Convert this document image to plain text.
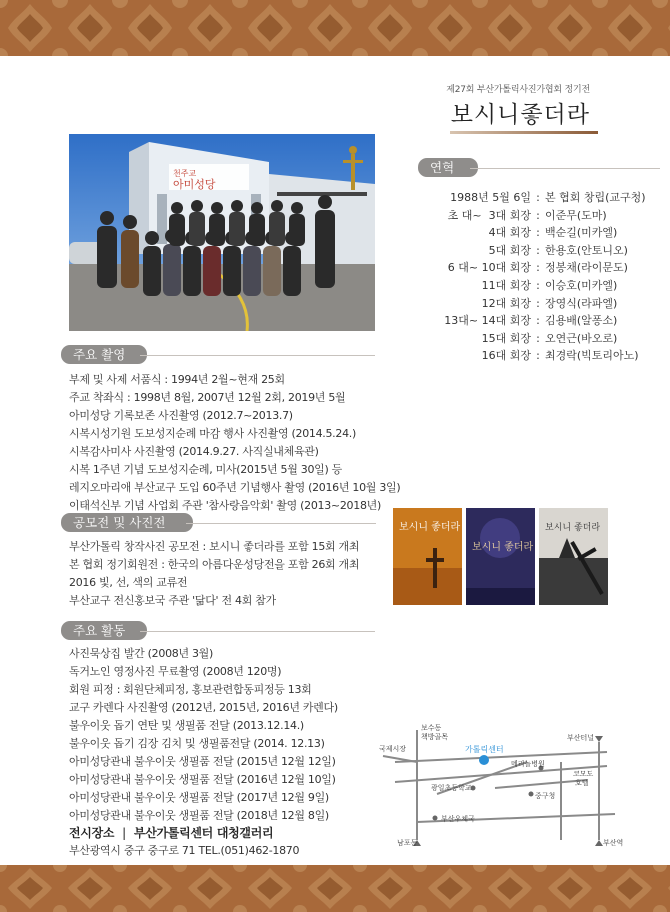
제27회 부산가톨릭사진가협회 정기전
보시니좋더라
천주교
아미성당
연혁
1988년 5월 6일 : 본 협회 창립(교구청)
초 대~  3대 회장 : 이준무(도마)
4대 회장 : 백순길(미카엘)
5대 회장 : 한용호(안토니오)
6 대~ 10대 회장 : 정봉채(라이문도)
11대 회장 : 이승호(미카엘)
12대 회장 : 장영식(라파엘)
13대~ 14대 회장 : 김용배(알퐁소)
15대 회장 : 오연근(바오로)
16대 회장 : 최경락(빅토리아노)
주요 촬영
부제 및 사제 서품식 : 1994년 2월~현재 25회
주교 착좌식 : 1998년 8월, 2007년 12월 2회, 2019년 5월
아미성당 기록보존 사진촬영 (2012.7~2013.7)
시복시성기원 도보성지순례 마감 행사 사진촬영 (2014.5.24.)
시복감사미사 사진촬영 (2014.9.27. 사직실내체육관)
시복 1주년 기념 도보성지순례, 미사(2015년 5월 30일) 등
레지오마리애 부산교구 도입 60주년 기념행사 촬영 (2016년 10월 3일)
이태석신부 기념 사업회 주관 '참사랑음악회' 촬영 (2013~2018년)
공모전 및 사진전
부산가톨릭 창작사진 공모전 : 보시니 좋더라를 포함 15회 개최
본 협회 정기회원전 : 한국의 아름다운성당전을 포함 26회 개최
2016 빛, 선, 색의 교류전
부산교구 전신홍보국 주관 '닮다' 전 4회 참가
보시니 좋더라
보시니 좋더라
보시니 좋더라
주요 활동
사진묵상집 발간 (2008년 3월)
독거노인 영정사진 무료촬영 (2008년 120명)
회원 피정 : 회원단체피정, 홍보관련합동피정등 13회
교구 카렌다 사진촬영 (2012년, 2015년, 2016년 카렌다)
불우이웃 돕기 연탄 및 생필품 전달 (2013.12.14.)
불우이웃 돕기 김장 김치 및 생필품전달 (2014. 12.13)
아미성당관내 불우이웃 생필품 전달 (2015년 12월 12일)
아미성당관내 불우이웃 생필품 전달 (2016년 12월 10일)
아미성당관내 불우이웃 생필품 전달 (2017년 12월 9일)
아미성당관내 불우이웃 생필품 전달 (2018년 12월 8일)
전시장소 | 부산가톨릭센터 대청갤러리
부산광역시 중구 중구로 71 TEL.(051)462-1870
보수동
책방골목
국제시장	가톨릭센터
부산터널
메리놀병원
광일초등학교
중구청
코모도
호텔
부산우체국
남포동	부산역
